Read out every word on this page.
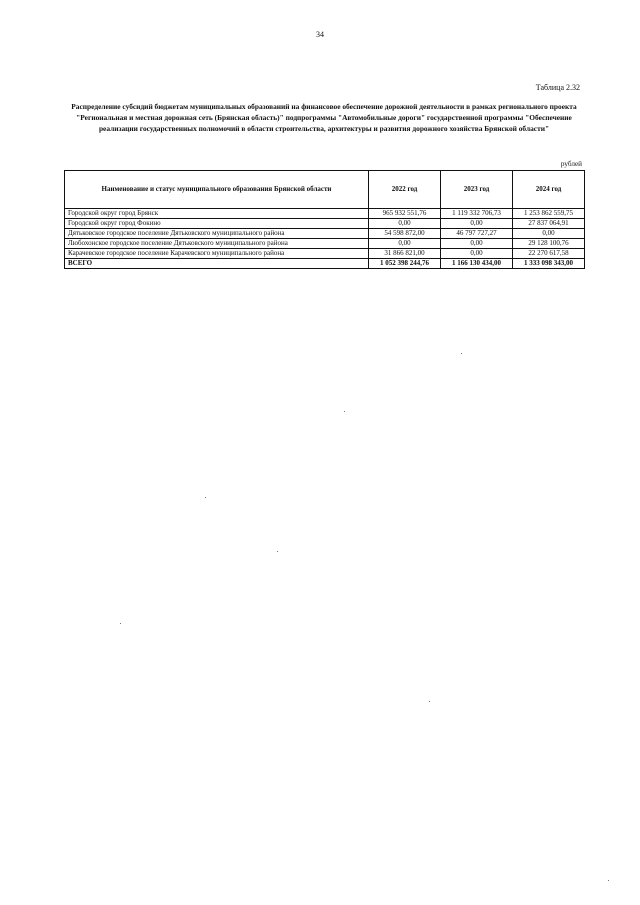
34
Таблица 2.32
Распределение субсидий бюджетам муниципальных образований на финансовое обеспечение дорожной деятельности в рамках регионального проекта "Региональная и местная дорожная сеть (Брянская область)" подпрограммы "Автомобильные дороги" государственной программы "Обеспечение реализации государственных полномочий в области строительства, архитектуры и развития дорожного хозяйства Брянской области"
рублей
Наименование и статус муниципального образования Брянской области	2022 год	2023 год	2024 год
Городской округ город Брянск	965 932 551,76	1 119 332 706,73	1 253 862 559,75
Городской округ город Фокино	0,00	0,00	27 837 064,91
Дятьковское городское поселение Дятьковского муниципального района	54 598 872,00	46 797 727,27	0,00
Любохонское городское поселение Дятьковского муниципального района	0,00	0,00	29 128 100,76
Карачевское городское поселение Карачевского муниципального района	31 866 821,00	0,00	22 270 617,58
ВСЕГО	1 052 398 244,76	1 166 130 434,00	1 333 098 343,00
